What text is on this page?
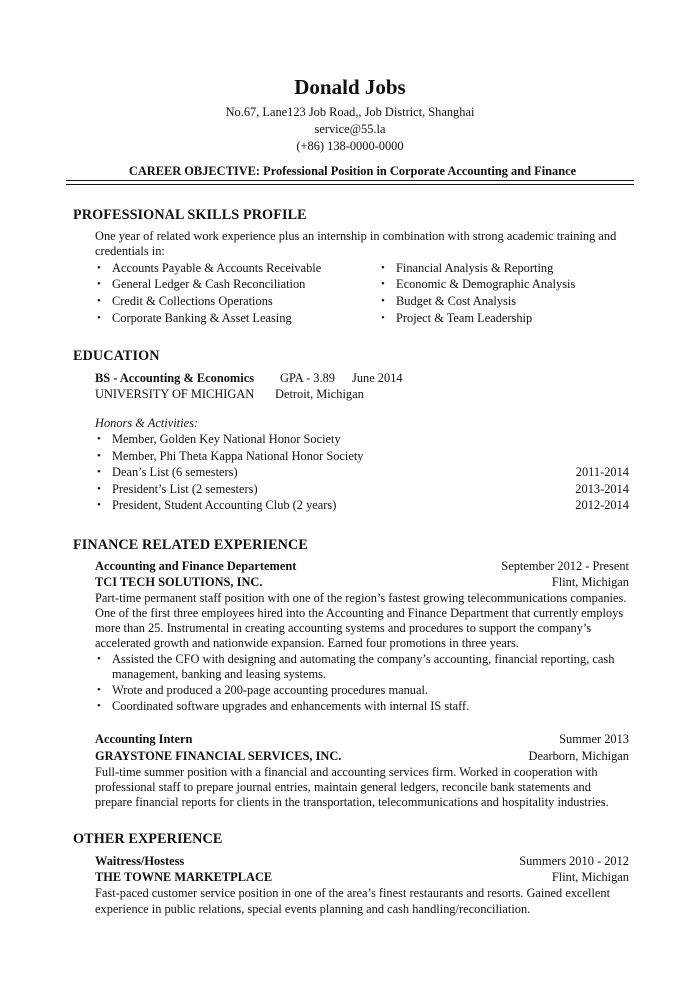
Donald Jobs
No.67, Lane123 Job Road,, Job District, Shanghai
service@55.la
(+86) 138-0000-0000
CAREER OBJECTIVE: Professional Position in Corporate Accounting and Finance
PROFESSIONAL SKILLS PROFILE
One year of related work experience plus an internship in combination with strong academic training and
credentials in:
• Accounts Payable & Accounts Receivable
• General Ledger & Cash Reconciliation
• Credit & Collections Operations
• Corporate Banking & Asset Leasing
• Financial Analysis & Reporting
• Economic & Demographic Analysis
• Budget & Cost Analysis
• Project & Team Leadership
EDUCATION
BS - Accounting & Economics GPA - 3.89 June 2014
UNIVERSITY OF MICHIGAN Detroit, Michigan
Honors & Activities:
• Member, Golden Key National Honor Society
• Member, Phi Theta Kappa National Honor Society
• Dean’s List (6 semesters)	2011-2014
• President’s List (2 semesters)	2013-2014
• President, Student Accounting Club (2 years)	2012-2014
FINANCE RELATED EXPERIENCE
Accounting and Finance Departement	September 2012 - Present
TCI TECH SOLUTIONS, INC.	Flint, Michigan
Part-time permanent staff position with one of the region’s fastest growing telecommunications companies.
One of the first three employees hired into the Accounting and Finance Department that currently employs
more than 25. Instrumental in creating accounting systems and procedures to support the company’s
accelerated growth and nationwide expansion. Earned four promotions in three years.
• Assisted the CFO with designing and automating the company’s accounting, financial reporting, cash
management, banking and leasing systems.
• Wrote and produced a 200-page accounting procedures manual.
• Coordinated software upgrades and enhancements with internal IS staff.
Accounting Intern	Summer 2013
GRAYSTONE FINANCIAL SERVICES, INC.	Dearborn, Michigan
Full-time summer position with a financial and accounting services firm. Worked in cooperation with
professional staff to prepare journal entries, maintain general ledgers, reconcile bank statements and
prepare financial reports for clients in the transportation, telecommunications and hospitality industries.
OTHER EXPERIENCE
Waitress/Hostess	Summers 2010 - 2012
THE TOWNE MARKETPLACE	Flint, Michigan
Fast-paced customer service position in one of the area’s finest restaurants and resorts. Gained excellent
experience in public relations, special events planning and cash handling/reconciliation.
